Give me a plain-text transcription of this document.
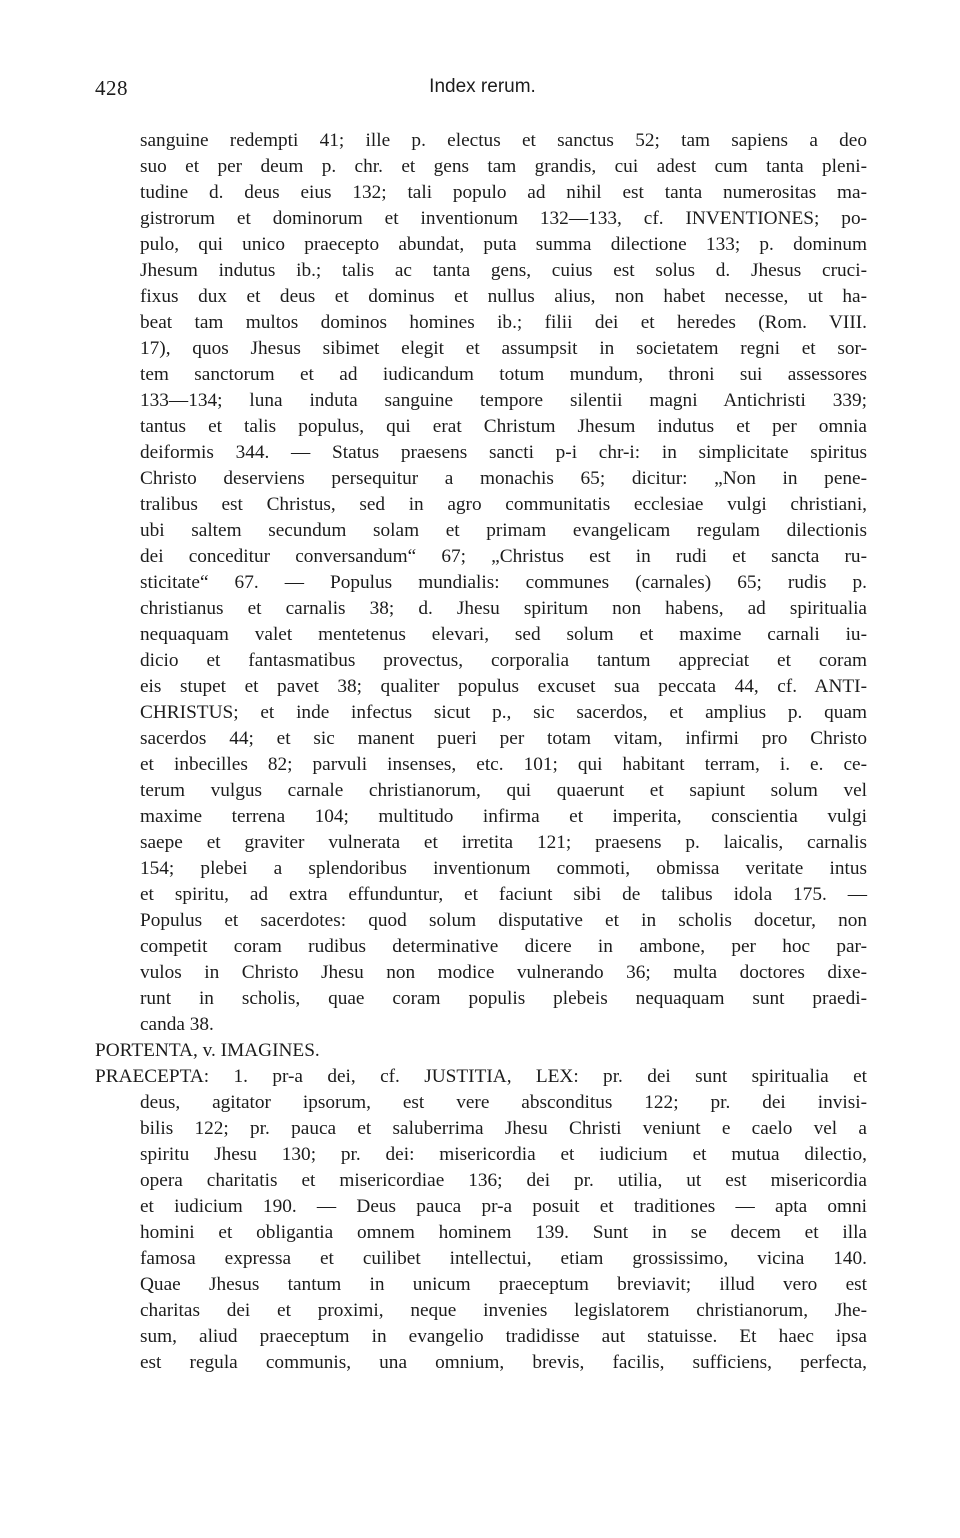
428	Index rerum.
sanguine redempti 41; ille p. electus et sanctus 52; tam sapiens a deo
suo et per deum p. chr. et gens tam grandis, cui adest cum tanta pleni-
tudine d. deus eius 132; tali populo ad nihil est tanta numerositas ma-
gistrorum et dominorum et inventionum 132—133, cf. INVENTIONES; po-
pulo, qui unico praecepto abundat, puta summa dilectione 133; p. dominum
Jhesum indutus ib.; talis ac tanta gens, cuius est solus d. Jhesus cruci-
fixus dux et deus et dominus et nullus alius, non habet necesse, ut ha-
beat tam multos dominos homines ib.; filii dei et heredes (Rom. VIII.
17), quos Jhesus sibimet elegit et assumpsit in societatem regni et sor-
tem sanctorum et ad iudicandum totum mundum, throni sui assessores
133—134; luna induta sanguine tempore silentii magni Antichristi 339;
tantus et talis populus, qui erat Christum Jhesum indutus et per omnia
deiformis 344. — Status praesens sancti p-i chr-i: in simplicitate spiritus
Christo deserviens persequitur a monachis 65; dicitur: „Non in pene-
tralibus est Christus, sed in agro communitatis ecclesiae vulgi christiani,
ubi saltem secundum solam et primam evangelicam regulam dilectionis
dei conceditur conversandum“ 67; „Christus est in rudi et sancta ru-
sticitate“ 67. — Populus mundialis: communes (carnales) 65; rudis p.
christianus et carnalis 38; d. Jhesu spiritum non habens, ad spiritualia
nequaquam valet mentetenus elevari, sed solum et maxime carnali iu-
dicio et fantasmatibus provectus, corporalia tantum appreciat et coram
eis stupet et pavet 38; qualiter populus excuset sua peccata 44, cf. ANTI-
CHRISTUS; et inde infectus sicut p., sic sacerdos, et amplius p. quam
sacerdos 44; et sic manent pueri per totam vitam, infirmi pro Christo
et inbecilles 82; parvuli insenses, etc. 101; qui habitant terram, i. e. ce-
terum vulgus carnale christianorum, qui quaerunt et sapiunt solum vel
maxime terrena 104; multitudo infirma et imperita, conscientia vulgi
saepe et graviter vulnerata et irretita 121; praesens p. laicalis, carnalis
154; plebei a splendoribus inventionum commoti, obmissa veritate intus
et spiritu, ad extra effunduntur, et faciunt sibi de talibus idola 175. —
Populus et sacerdotes: quod solum disputative et in scholis docetur, non
competit coram rudibus determinative dicere in ambone, per hoc par-
vulos in Christo Jhesu non modice vulnerando 36; multa doctores dixe-
runt in scholis, quae coram populis plebeis nequaquam sunt praedi-
canda 38.
PORTENTA, v. IMAGINES.
PRAECEPTA: 1. pr-a dei, cf. JUSTITIA, LEX: pr. dei sunt spiritualia et
deus, agitator ipsorum, est vere absconditus 122; pr. dei invisi-
bilis 122; pr. pauca et saluberrima Jhesu Christi veniunt e caelo vel a
spiritu Jhesu 130; pr. dei: misericordia et iudicium et mutua dilectio,
opera charitatis et misericordiae 136; dei pr. utilia, ut est misericordia
et iudicium 190. — Deus pauca pr-a posuit et traditiones — apta omni
homini et obligantia omnem hominem 139. Sunt in se decem et illa
famosa expressa et cuilibet intellectui, etiam grossissimo, vicina 140.
Quae Jhesus tantum in unicum praeceptum breviavit; illud vero est
charitas dei et proximi, neque invenies legislatorem christianorum, Jhe-
sum, aliud praeceptum in evangelio tradidisse aut statuisse. Et haec ipsa
est regula communis, una omnium, brevis, facilis, sufficiens, perfecta,
